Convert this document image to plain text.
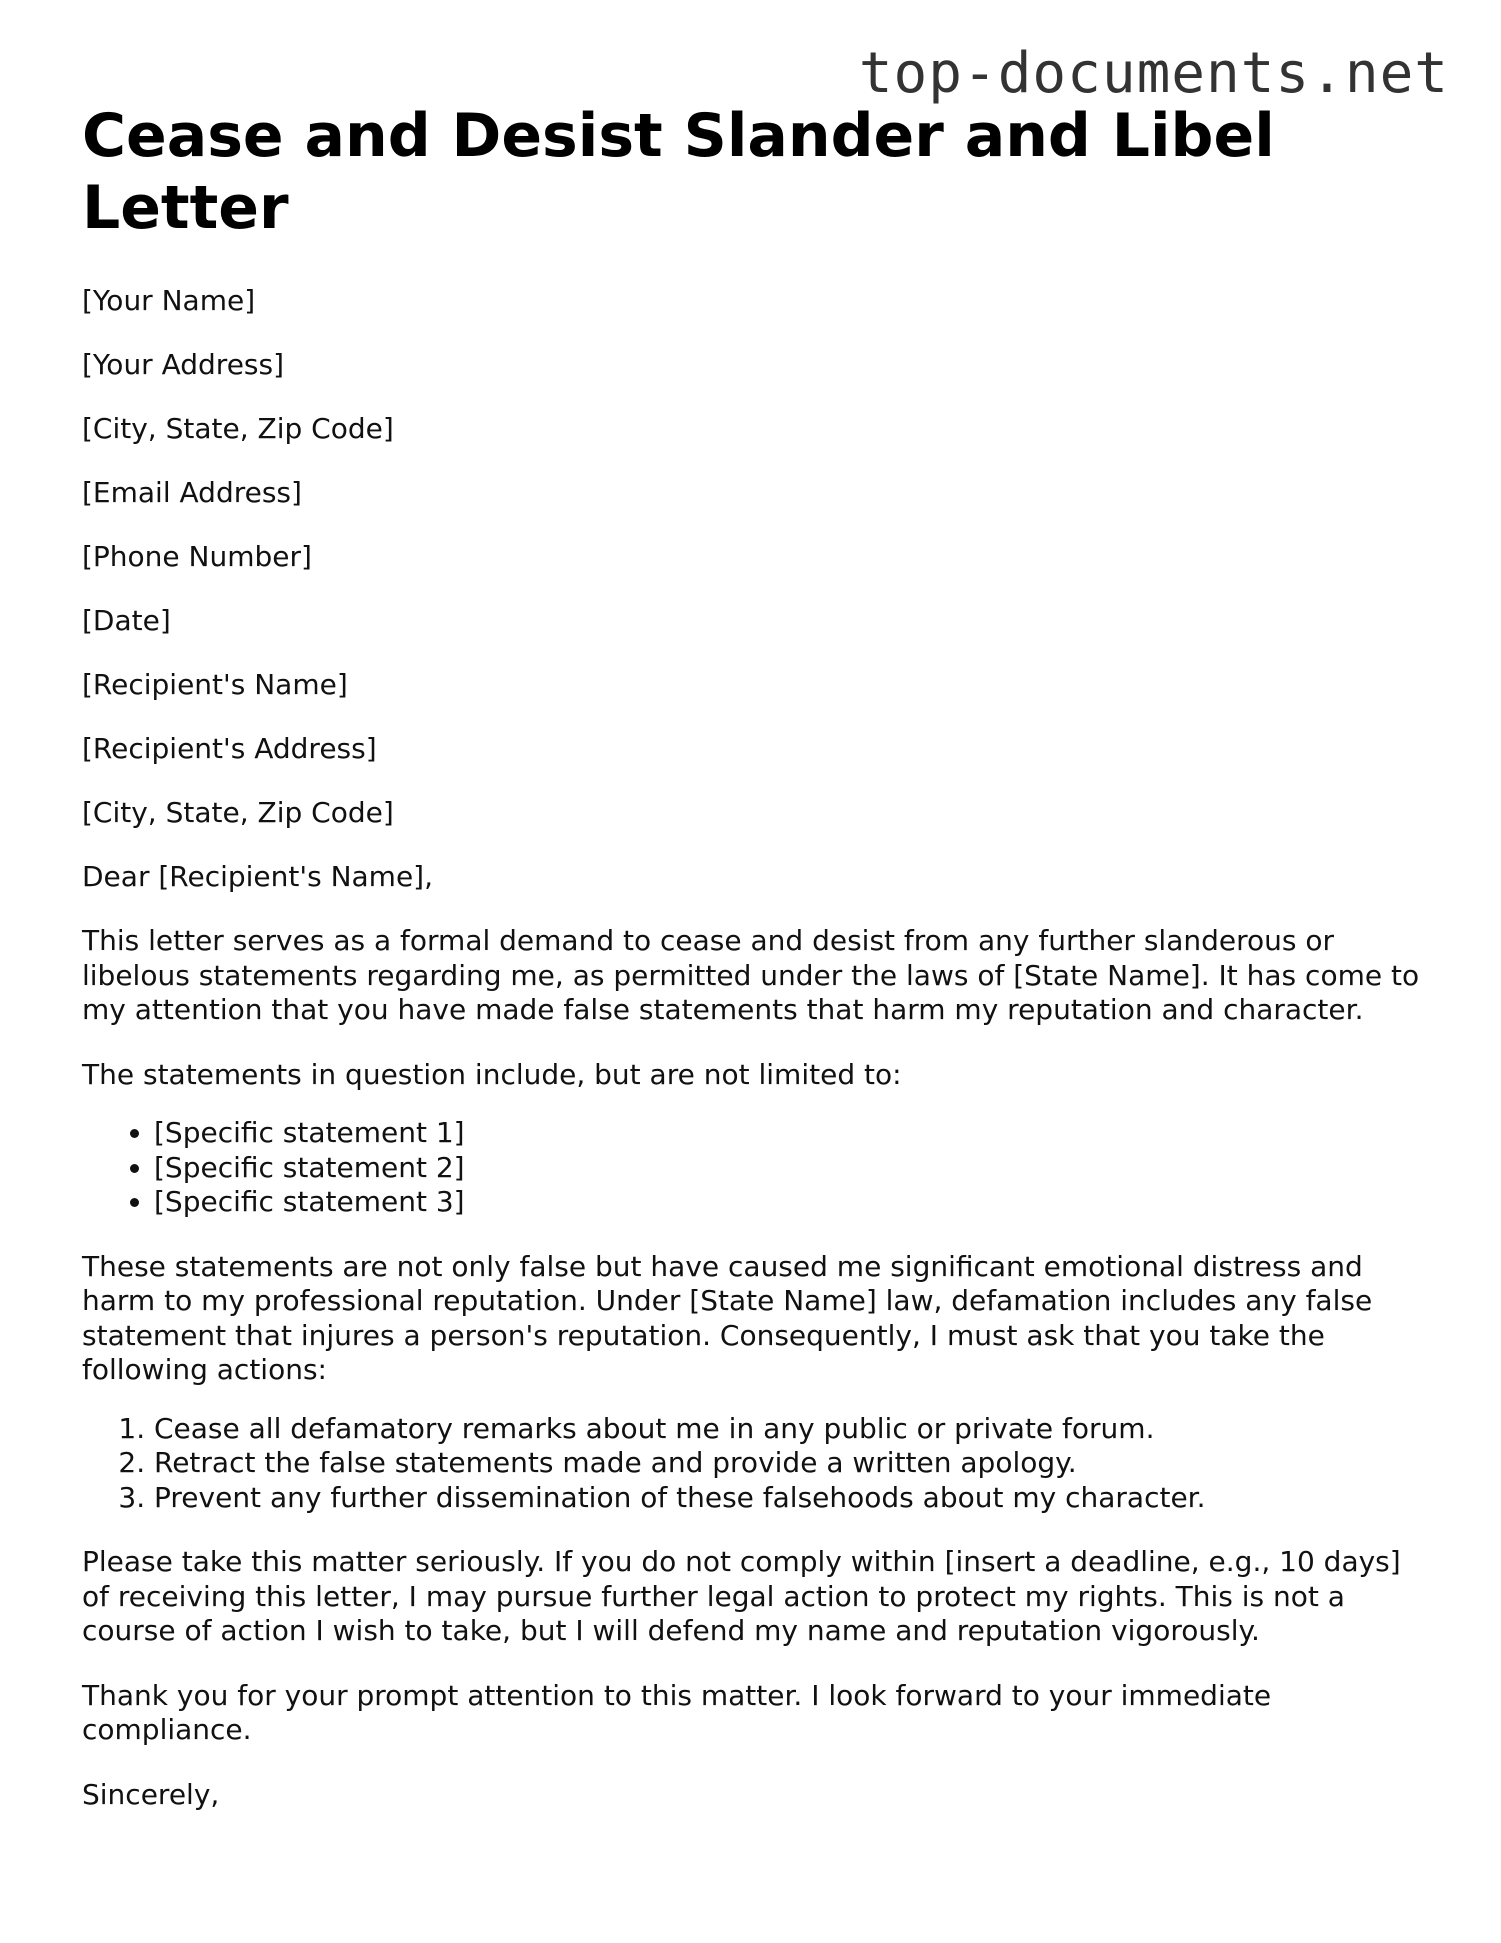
top-documents.net
Cease and Desist Slander and Libel Letter
[Your Name]
[Your Address]
[City, State, Zip Code]
[Email Address]
[Phone Number]
[Date]
[Recipient's Name]
[Recipient's Address]
[City, State, Zip Code]
Dear [Recipient's Name],

This letter serves as a formal demand to cease and desist from any further slanderous or libelous statements regarding me, as permitted under the laws of [State Name]. It has come to my attention that you have made false statements that harm my reputation and character.

The statements in question include, but are not limited to:

• [Specific statement 1]
• [Specific statement 2]
• [Specific statement 3]

These statements are not only false but have caused me significant emotional distress and harm to my professional reputation. Under [State Name] law, defamation includes any false statement that injures a person's reputation. Consequently, I must ask that you take the following actions:

1. Cease all defamatory remarks about me in any public or private forum.
2. Retract the false statements made and provide a written apology.
3. Prevent any further dissemination of these falsehoods about my character.

Please take this matter seriously. If you do not comply within [insert a deadline, e.g., 10 days] of receiving this letter, I may pursue further legal action to protect my rights. This is not a course of action I wish to take, but I will defend my name and reputation vigorously.

Thank you for your prompt attention to this matter. I look forward to your immediate compliance.

Sincerely,
